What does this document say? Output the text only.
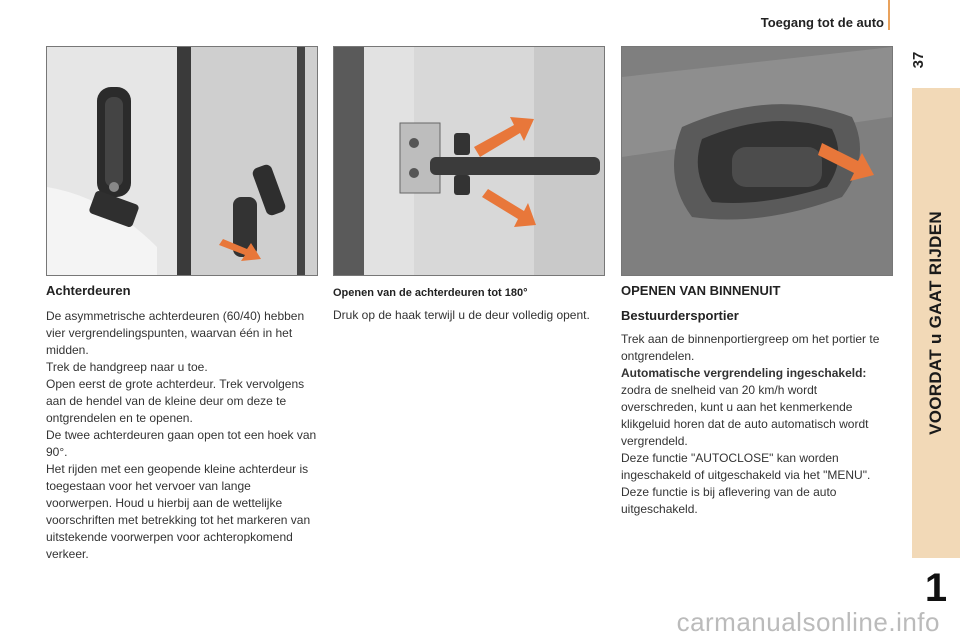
Toegang tot de auto
37
VOORDAT u GAAT RIJDEN
1
Achterdeuren

De asymmetrische achterdeuren (60/40) hebben vier vergrendelingspunten, waarvan één in het midden.

Trek de handgreep naar u toe.

Open eerst de grote achterdeur. Trek vervolgens aan de hendel van de kleine deur om deze te ontgrendelen en te openen.

De twee achterdeuren gaan open tot een hoek van 90°.

Het rijden met een geopende kleine achterdeur is toegestaan voor het vervoer van lange voorwerpen. Houd u hierbij aan de wettelijke voorschriften met betrekking tot het markeren van uitstekende voorwerpen voor achteropkomend verkeer.

Openen van de achterdeuren tot 180°

Druk op de haak terwijl u de deur volledig opent.

OPENEN VAN BINNENUIT
Bestuurdersportier

Trek aan de binnenportiergreep om het portier te ontgrendelen.

Automatische vergrendeling ingeschakeld: zodra de snelheid van 20 km/h wordt overschreden, kunt u aan het kenmerkende klikgeluid horen dat de auto automatisch wordt vergrendeld.

Deze functie "AUTOCLOSE" kan worden ingeschakeld of uitgeschakeld via het "MENU".

Deze functie is bij aflevering van de auto uitgeschakeld.

carmanualsonline.info
